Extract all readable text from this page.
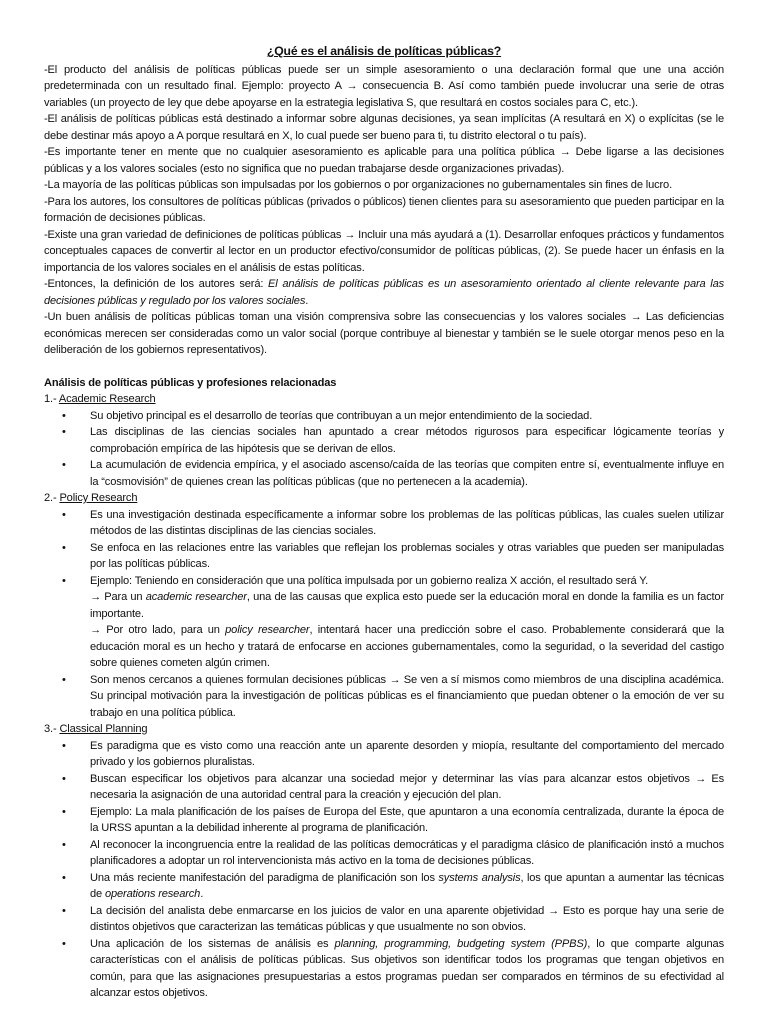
¿Qué es el análisis de políticas públicas?

-El producto del análisis de políticas públicas puede ser un simple asesoramiento o una declaración formal que une una acción predeterminada con un resultado final. Ejemplo: proyecto A → consecuencia B. Así como también puede involucrar una serie de otras variables (un proyecto de ley que debe apoyarse en la estrategia legislativa S, que resultará en costos sociales para C, etc.).

-El análisis de políticas públicas está destinado a informar sobre algunas decisiones, ya sean implícitas (A resultará en X) o explícitas (se le debe destinar más apoyo a A porque resultará en X, lo cual puede ser bueno para ti, tu distrito electoral o tu país).

-Es importante tener en mente que no cualquier asesoramiento es aplicable para una política pública → Debe ligarse a las decisiones públicas y a los valores sociales (esto no significa que no puedan trabajarse desde organizaciones privadas).

-La mayoría de las políticas públicas son impulsadas por los gobiernos o por organizaciones no gubernamentales sin fines de lucro.

-Para los autores, los consultores de políticas públicas (privados o públicos) tienen clientes para su asesoramiento que pueden participar en la formación de decisiones públicas.

-Existe una gran variedad de definiciones de políticas públicas → Incluir una más ayudará a (1). Desarrollar enfoques prácticos y fundamentos conceptuales capaces de convertir al lector en un productor efectivo/consumidor de políticas públicas, (2). Se puede hacer un énfasis en la importancia de los valores sociales en el análisis de estas políticas.

-Entonces, la definición de los autores será: El análisis de políticas públicas es un asesoramiento orientado al cliente relevante para las decisiones públicas y regulado por los valores sociales.

-Un buen análisis de políticas públicas toman una visión comprensiva sobre las consecuencias y los valores sociales → Las deficiencias económicas merecen ser consideradas como un valor social (porque contribuye al bienestar y también se le suele otorgar menos peso en la deliberación de los gobiernos representativos).

Análisis de políticas públicas y profesiones relacionadas

1.- Academic Research

• Su objetivo principal es el desarrollo de teorías que contribuyan a un mejor entendimiento de la sociedad.
• Las disciplinas de las ciencias sociales han apuntado a crear métodos rigurosos para especificar lógicamente teorías y comprobación empírica de las hipótesis que se derivan de ellos.
• La acumulación de evidencia empírica, y el asociado ascenso/caída de las teorías que compiten entre sí, eventualmente influye en la “cosmovisión” de quienes crean las políticas públicas (que no pertenecen a la academia).

2.- Policy Research

• Es una investigación destinada específicamente a informar sobre los problemas de las políticas públicas, las cuales suelen utilizar métodos de las distintas disciplinas de las ciencias sociales.
• Se enfoca en las relaciones entre las variables que reflejan los problemas sociales y otras variables que pueden ser manipuladas por las políticas públicas.
• Ejemplo: Teniendo en consideración que una política impulsada por un gobierno realiza X acción, el resultado será Y.
→ Para un academic researcher, una de las causas que explica esto puede ser la educación moral en donde la familia es un factor importante.
→ Por otro lado, para un policy researcher, intentará hacer una predicción sobre el caso. Probablemente considerará que la educación moral es un hecho y tratará de enfocarse en acciones gubernamentales, como la seguridad, o la severidad del castigo sobre quienes cometen algún crimen.
• Son menos cercanos a quienes formulan decisiones públicas → Se ven a sí mismos como miembros de una disciplina académica. Su principal motivación para la investigación de políticas públicas es el financiamiento que puedan obtener o la emoción de ver su trabajo en una política pública.

3.- Classical Planning

• Es paradigma que es visto como una reacción ante un aparente desorden y miopía, resultante del comportamiento del mercado privado y los gobiernos pluralistas.
• Buscan especificar los objetivos para alcanzar una sociedad mejor y determinar las vías para alcanzar estos objetivos → Es necesaria la asignación de una autoridad central para la creación y ejecución del plan.
• Ejemplo: La mala planificación de los países de Europa del Este, que apuntaron a una economía centralizada, durante la época de la URSS apuntan a la debilidad inherente al programa de planificación.
• Al reconocer la incongruencia entre la realidad de las políticas democráticas y el paradigma clásico de planificación instó a muchos planificadores a adoptar un rol intervencionista más activo en la toma de decisiones públicas.
• Una más reciente manifestación del paradigma de planificación son los systems analysis, los que apuntan a aumentar las técnicas de operations research.
• La decisión del analista debe enmarcarse en los juicios de valor en una aparente objetividad → Esto es porque hay una serie de distintos objetivos que caracterizan las temáticas públicas y que usualmente no son obvios.
• Una aplicación de los sistemas de análisis es planning, programming, budgeting system (PPBS), lo que comparte algunas características con el análisis de políticas públicas. Sus objetivos son identificar todos los programas que tengan objetivos en común, para que las asignaciones presupuestarias a estos programas puedan ser comparados en términos de su efectividad al alcanzar estos objetivos.
